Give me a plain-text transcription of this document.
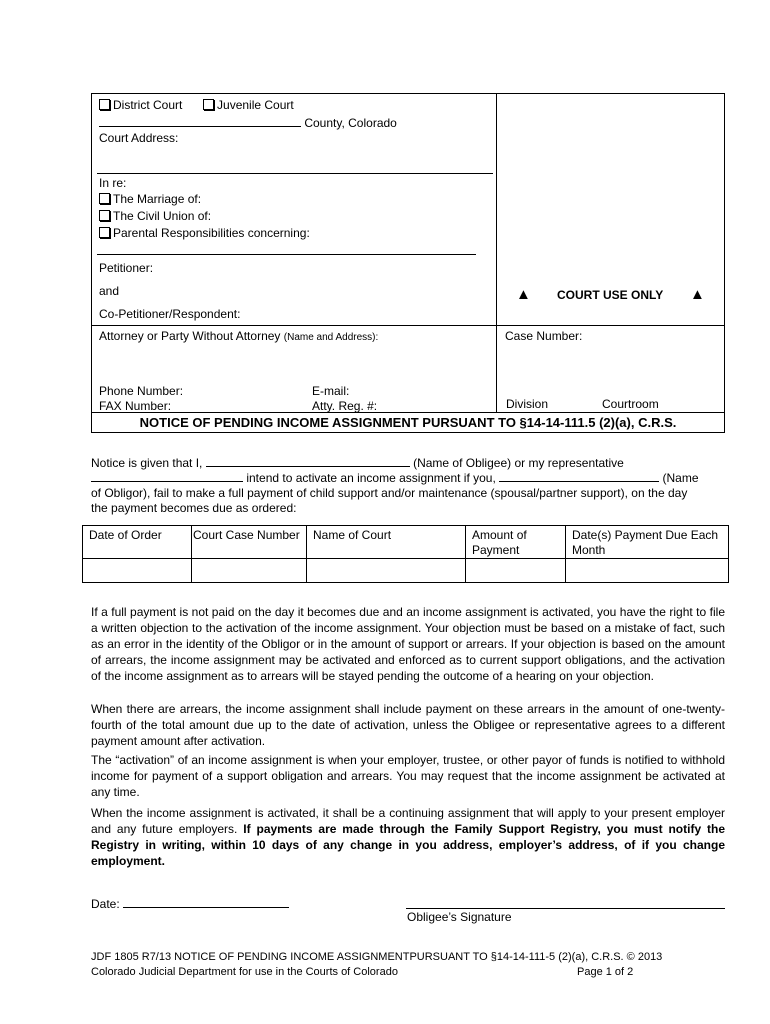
District Court	Juvenile Court
County, Colorado
Court Address:
In re:
The Marriage of:
The Civil Union of:
Parental Responsibilities concerning:
Petitioner:
and
Co-Petitioner/Respondent:
▲ COURT USE ONLY ▲
Attorney or Party Without Attorney (Name and Address):	Case Number:
Phone Number:	E-mail:
FAX Number:	Atty. Reg. #:	Division	Courtroom
NOTICE OF PENDING INCOME ASSIGNMENT PURSUANT TO §14-14-111.5 (2)(a), C.R.S.
Notice is given that I,	(Name of Obligee) or my representative
intend to activate an income assignment if you,	(Name
of Obligor), fail to make a full payment of child support and/or maintenance (spousal/partner support), on the day
the payment becomes due as ordered:
Date of Order	Court Case Number	Name of Court	Amount of Payment	Date(s) Payment Due Each Month

If a full payment is not paid on the day it becomes due and an income assignment is activated, you have the right to file a written objection to the activation of the income assignment. Your objection must be based on a mistake of fact, such as an error in the identity of the Obligor or in the amount of support or arrears. If your objection is based on the amount of arrears, the income assignment may be activated and enforced as to current support obligations, and the activation of the income assignment as to arrears will be stayed pending the outcome of a hearing on your objection.
When there are arrears, the income assignment shall include payment on these arrears in the amount of one-twenty-fourth of the total amount due up to the date of activation, unless the Obligee or representative agrees to a different payment amount after activation.
The “activation” of an income assignment is when your employer, trustee, or other payor of funds is notified to withhold income for payment of a support obligation and arrears. You may request that the income assignment be activated at any time.
When the income assignment is activated, it shall be a continuing assignment that will apply to your present employer and any future employers. If payments are made through the Family Support Registry, you must notify the Registry in writing, within 10 days of any change in you address, employer’s address, of if you change employment.
Date:
Obligee’s Signature
JDF 1805 R7/13 NOTICE OF PENDING INCOME ASSIGNMENTPURSUANT TO §14-14-111-5 (2)(a), C.R.S. © 2013
Colorado Judicial Department for use in the Courts of Colorado	Page 1 of 2
